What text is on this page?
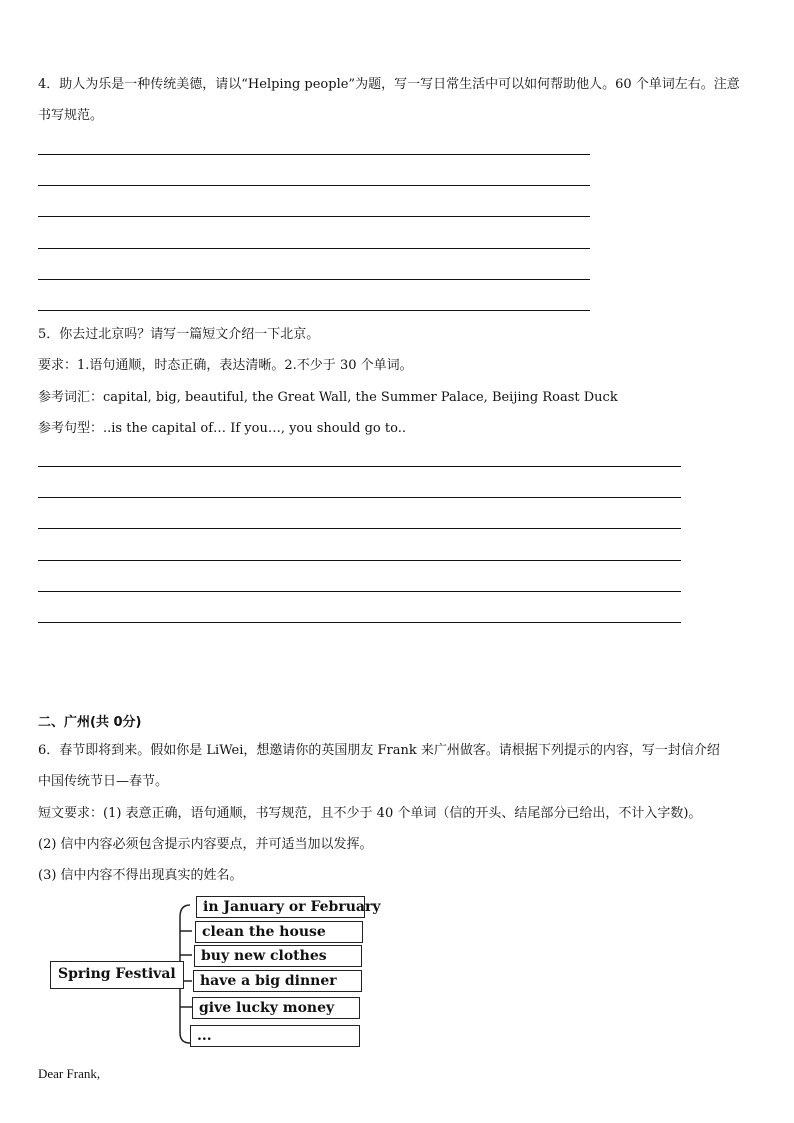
4．助人为乐是一种传统美德，请以“Helping people”为题，写一写日常生活中可以如何帮助他人。60 个单词左右。注意
书写规范。
5．你去过北京吗？请写一篇短文介绍一下北京。
要求：1.语句通顺，时态正确，表达清晰。2.不少于 30 个单词。
参考词汇：capital, big, beautiful, the Great Wall, the Summer Palace, Beijing Roast Duck
参考句型：..is the capital of… If you…, you should go to..
二、广州(共 0分)
6．春节即将到来。假如你是 LiWei，想邀请你的英国朋友 Frank 来广州做客。请根据下列提示的内容，写一封信介绍
中国传统节日—春节。
短文要求：(1) 表意正确，语句通顺，书写规范，且不少于 40 个单词（信的开头、结尾部分已给出，不计入字数)。
(2) 信中内容必须包含提示内容要点，并可适当加以发挥。
(3) 信中内容不得出现真实的姓名。
Spring Festival
in January or February
clean the house
buy new clothes
have a big dinner
give lucky money
...
Dear Frank,
